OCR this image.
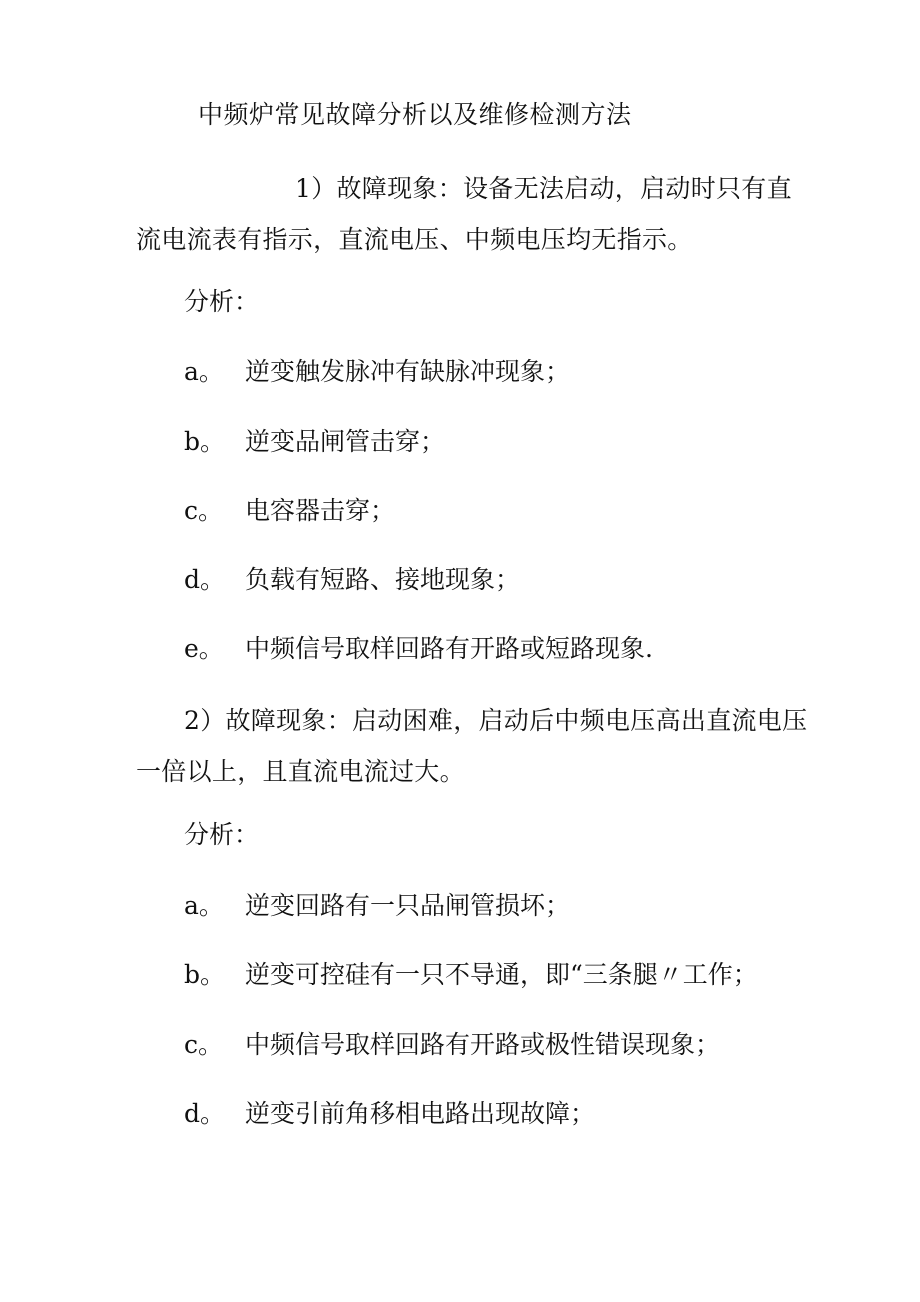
中频炉常见故障分析以及维修检测方法

1）故障现象：设备无法启动，启动时只有直
流电流表有指示，直流电压、中频电压均无指示。

分析：
a。 逆变触发脉冲有缺脉冲现象；
b。 逆变品闸管击穿；
c。 电容器击穿；
d。 负载有短路、接地现象；
e。 中频信号取样回路有开路或短路现象.

2）故障现象：启动困难，启动后中频电压高出直流电压
一倍以上，且直流电流过大。

分析：
a。 逆变回路有一只品闸管损坏；
b。 逆变可控硅有一只不导通，即“三条腿〃工作；
c。 中频信号取样回路有开路或极性错误现象；
d。 逆变引前角移相电路出现故障；
